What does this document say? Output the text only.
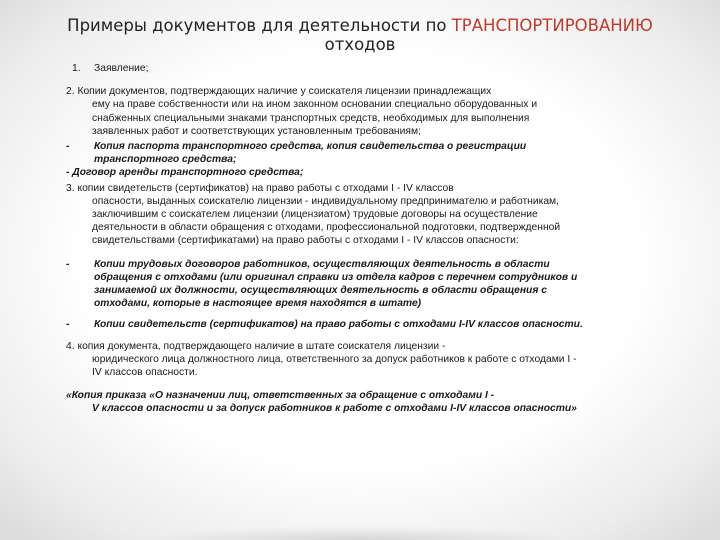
Примеры документов для деятельности по ТРАНСПОРТИРОВАНИЮ
отходов
1.	Заявление;
2. Копии документов, подтверждающих наличие у соискателя лицензии принадлежащих
ему на праве собственности или на ином законном основании специально оборудованных и снабженных специальными знаками транспортных средств, необходимых для выполнения заявленных работ и соответствующих установленным требованиям;
- Копия паспорта транспортного средства, копия свидетельства о регистрации транспортного средства;
- Договор аренды транспортного средства;
3. копии свидетельств (сертификатов) на право работы с отходами I - IV классов
опасности, выданных соискателю лицензии - индивидуальному предпринимателю и работникам, заключившим с соискателем лицензии (лицензиатом) трудовые договоры на осуществление деятельности в области обращения с отходами, профессиональной подготовки, подтвержденной свидетельствами (сертификатами) на право работы с отходами I - IV классов опасности:
- Копии трудовых договоров работников, осуществляющих деятельность в области обращения с отходами (или оригинал справки из отдела кадров с перечнем сотрудников и занимаемой их должности, осуществляющих деятельность в области обращения с отходами, которые в настоящее время находятся в штате)
- Копии свидетельств (сертификатов) на право работы с отходами I-IV классов опасности.
4. копия документа, подтверждающего наличие в штате соискателя лицензии -
юридического лица должностного лица, ответственного за допуск работников к работе с отходами I - IV классов опасности.
«Копия приказа «О назначении лиц, ответственных за обращение с отходами I -
V классов опасности и за допуск работников к работе с отходами I-IV классов опасности»
